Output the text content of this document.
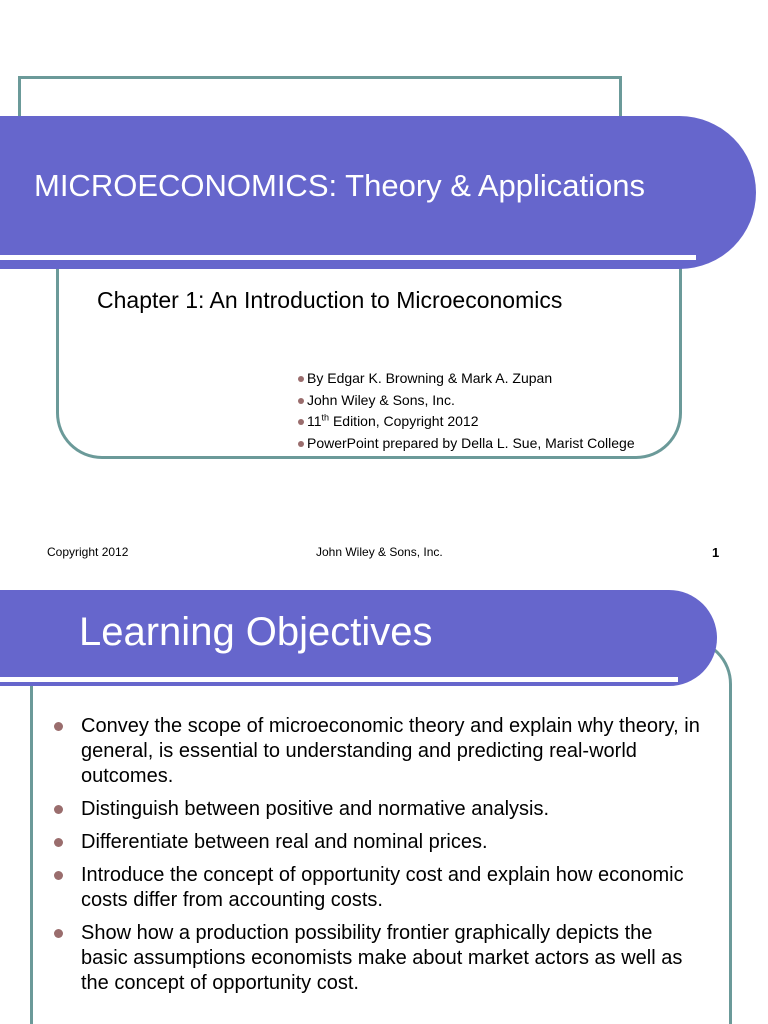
MICROECONOMICS: Theory & Applications
Chapter 1: An Introduction to Microeconomics
By Edgar K. Browning & Mark A. Zupan
John Wiley & Sons, Inc.
11th Edition, Copyright 2012
PowerPoint prepared by Della L. Sue, Marist College
Copyright 2012	John Wiley & Sons, Inc.	1
Learning Objectives
Convey the scope of microeconomic theory and explain why theory, in general, is essential to understanding and predicting real-world outcomes.
Distinguish between positive and normative analysis.
Differentiate between real and nominal prices.
Introduce the concept of opportunity cost and explain how economic costs differ from accounting costs.
Show how a production possibility frontier graphically depicts the basic assumptions economists make about market actors as well as the concept of opportunity cost.
